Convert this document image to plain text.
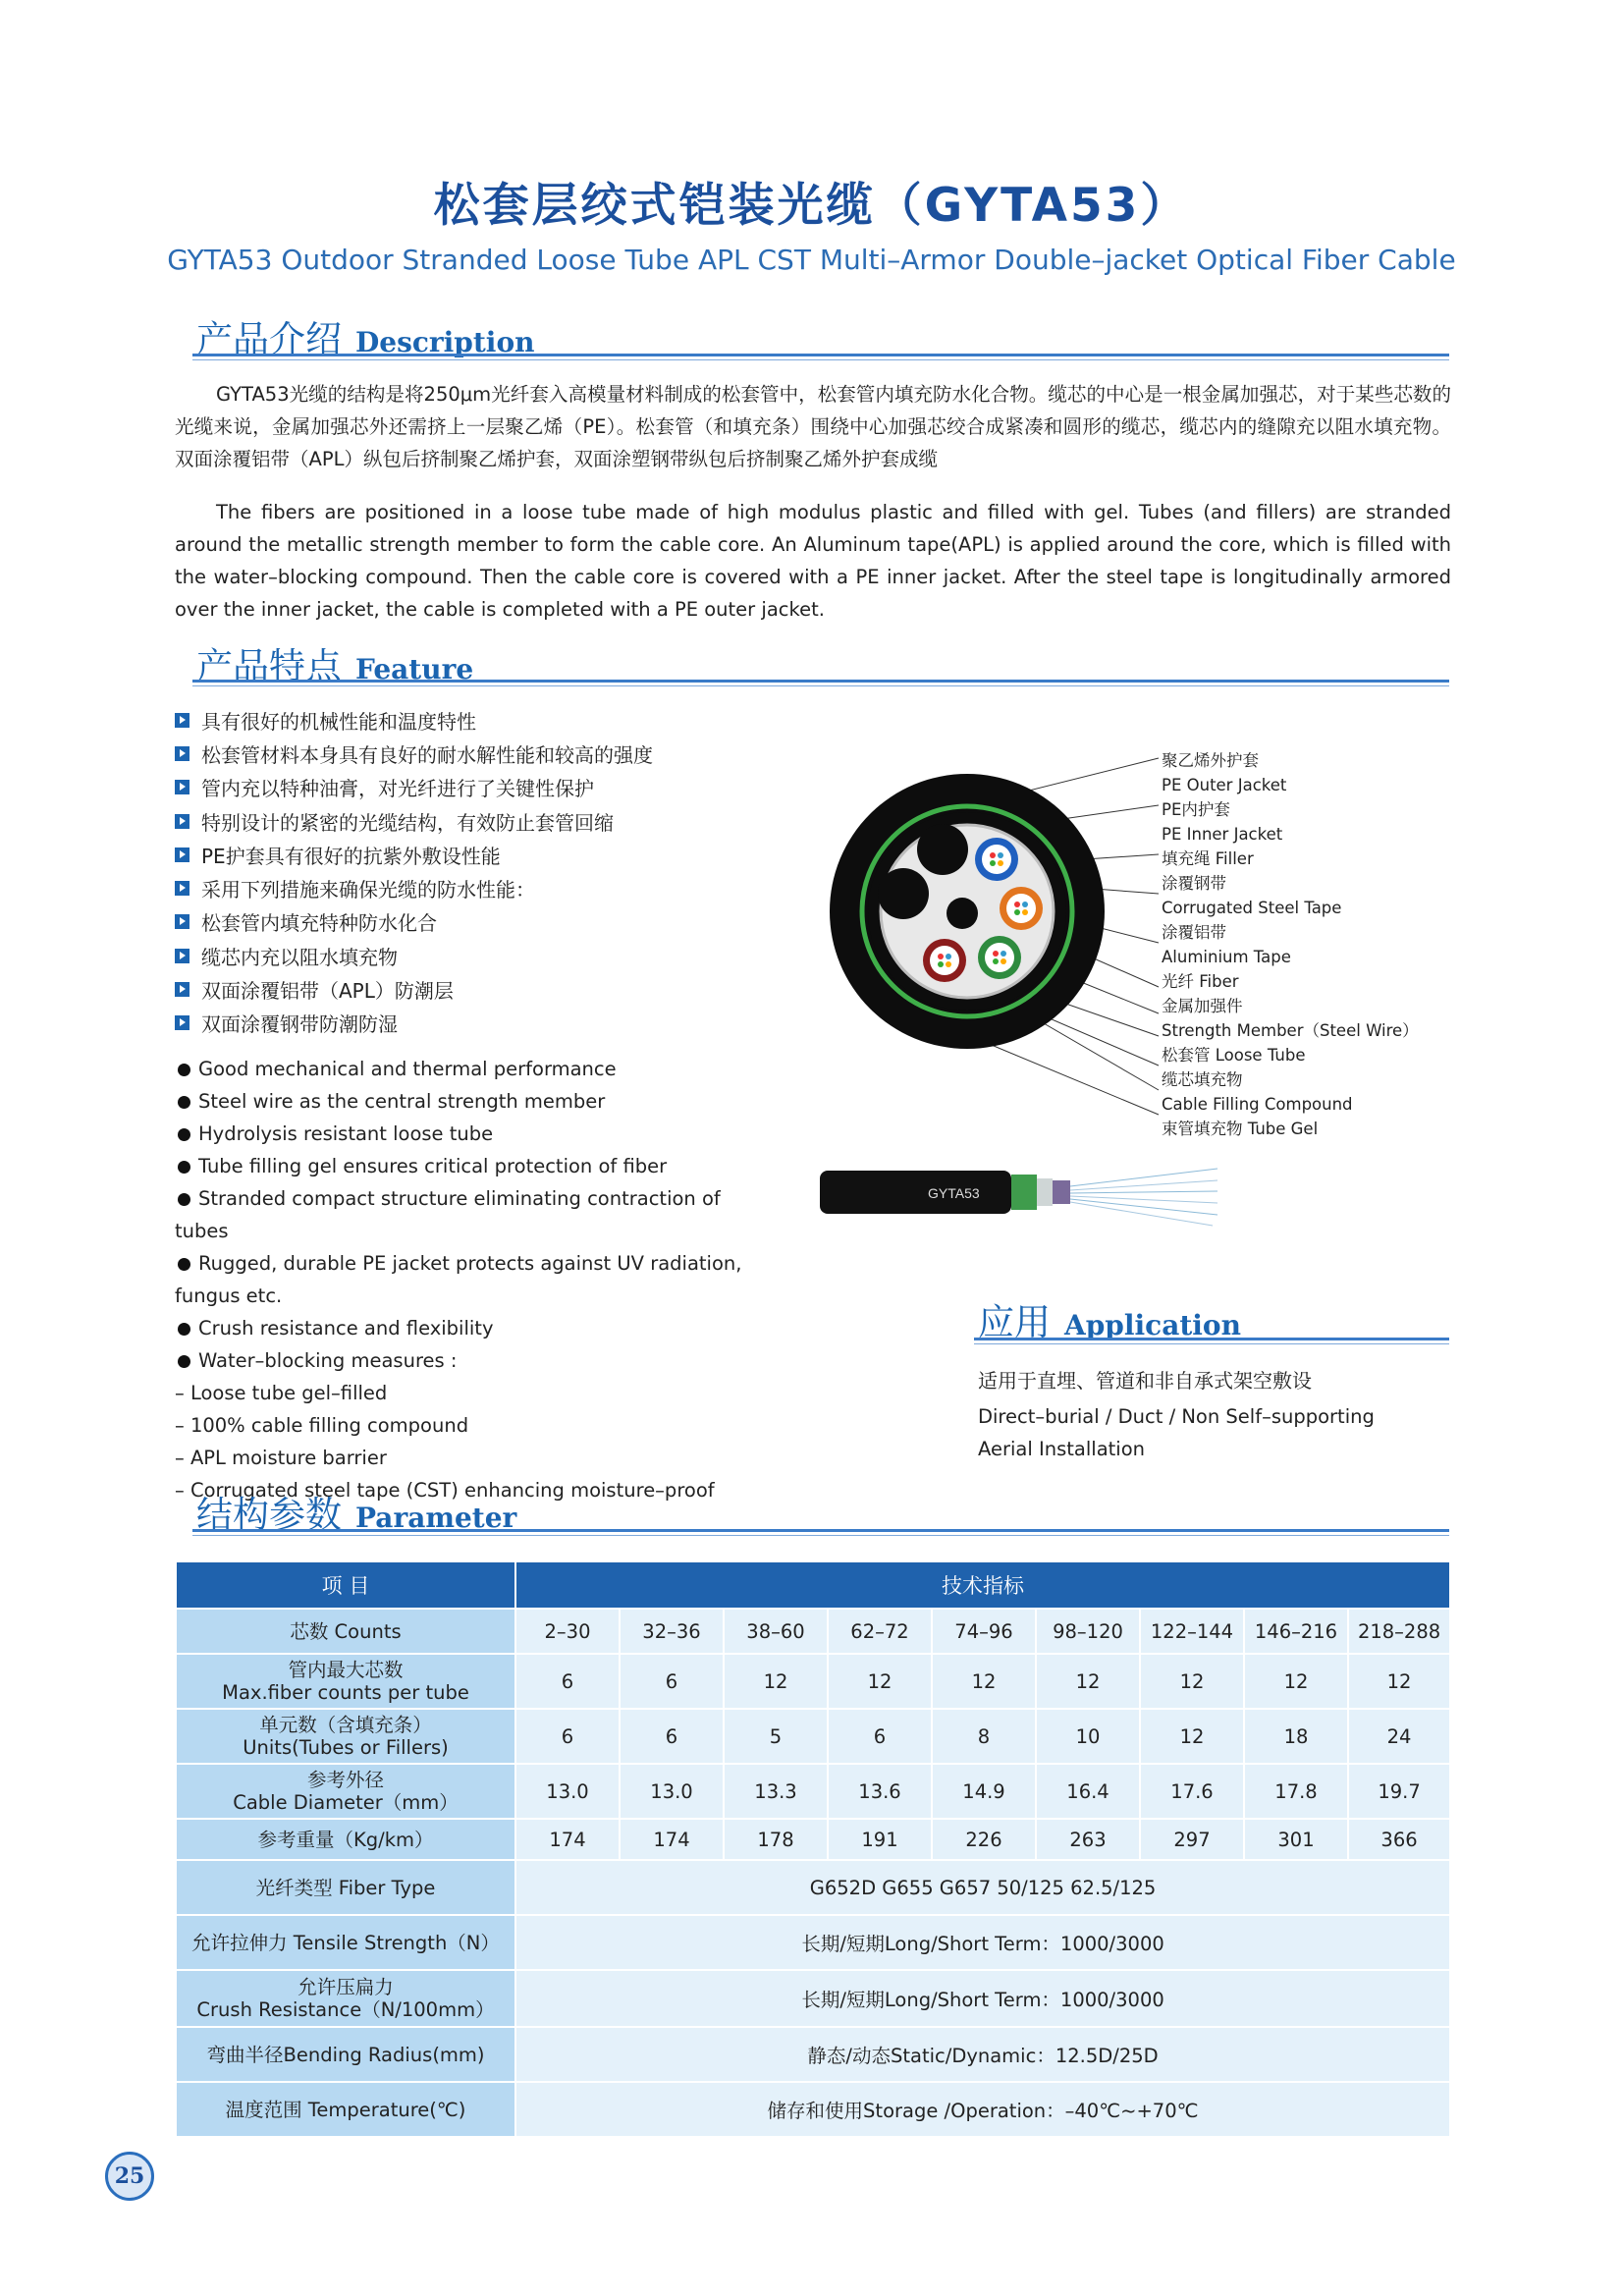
松套层绞式铠装光缆（GYTA53）
GYTA53 Outdoor Stranded Loose Tube APL CST Multi–Armor Double–jacket Optical Fiber Cable
产品介绍 Description

GYTA53光缆的结构是将250μm光纤套入高模量材料制成的松套管中，松套管内填充防水化合物。缆芯的中心是一根金属加强芯，对于某些芯数的光缆来说，金属加强芯外还需挤上一层聚乙烯（PE）。松套管（和填充条）围绕中心加强芯绞合成紧凑和圆形的缆芯，缆芯内的缝隙充以阻水填充物。双面涂覆铝带（APL）纵包后挤制聚乙烯护套，双面涂塑钢带纵包后挤制聚乙烯外护套成缆

The fibers are positioned in a loose tube made of high modulus plastic and filled with gel. Tubes (and fillers) are stranded around the metallic strength member to form the cable core. An Aluminum tape(APL) is applied around the core, which is filled with the water–blocking compound. Then the cable core is covered with a PE inner jacket. After the steel tape is longitudinally armored over the inner jacket, the cable is completed with a PE outer jacket.

产品特点 Feature
具有很好的机械性能和温度特性
松套管材料本身具有良好的耐水解性能和较高的强度
管内充以特种油膏，对光纤进行了关键性保护
特别设计的紧密的光缆结构，有效防止套管回缩
PE护套具有很好的抗紫外敷设性能
采用下列措施来确保光缆的防水性能：
松套管内填充特种防水化合
缆芯内充以阻水填充物
双面涂覆铝带（APL）防潮层
双面涂覆钢带防潮防湿
Good mechanical and thermal performance
Steel wire as the central strength member
Hydrolysis resistant loose tube
Tube filling gel ensures critical protection of fiber
Stranded compact structure eliminating contraction of tubes
Rugged, durable PE jacket protects against UV radiation, fungus etc.
Crush resistance and flexibility
Water–blocking measures :
– Loose tube gel–filled
– 100% cable filling compound
– APL moisture barrier
– Corrugated steel tape (CST) enhancing moisture–proof
GYTA53
聚乙烯外护套
PE Outer Jacket
PE内护套
PE Inner Jacket
填充绳 Filler
涂覆钢带
Corrugated Steel Tape
涂覆铝带
Aluminium Tape
光纤 Fiber
金属加强件
Strength Member（Steel Wire）
松套管 Loose Tube
缆芯填充物
Cable Filling Compound
束管填充物 Tube Gel
应用 Application
适用于直埋、管道和非自承式架空敷设
Direct–burial / Duct / Non Self–supporting Aerial Installation
结构参数 Parameter
项 目	技术指标								
芯数 Counts	2–30	32–36	38–60	62–72	74–96	98–120	122–144	146–216	218–288

管内最大芯数
Max.fiber counts per tube	6	6	12	12	12	12	12	12	12

单元数（含填充条）
Units(Tubes or Fillers)	6	6	5	6	8	10	12	18	24

参考外径
Cable Diameter（mm）	13.0	13.0	13.3	13.6	14.9	16.4	17.6	17.8	19.7
参考重量（Kg/km）	174	174	178	191	226	263	297	301	366
光纤类型 Fiber Type	G652D G655 G657 50/125 62.5/125								
允许拉伸力 Tensile Strength（N）	长期/短期Long/Short Term：1000/3000								

允许压扁力
Crush Resistance（N/100mm）	长期/短期Long/Short Term：1000/3000								
弯曲半径Bending Radius(mm)	静态/动态Static/Dynamic：12.5D/25D								
温度范围 Temperature(℃)	储存和使用Storage /Operation：–40℃~+70℃								
25
